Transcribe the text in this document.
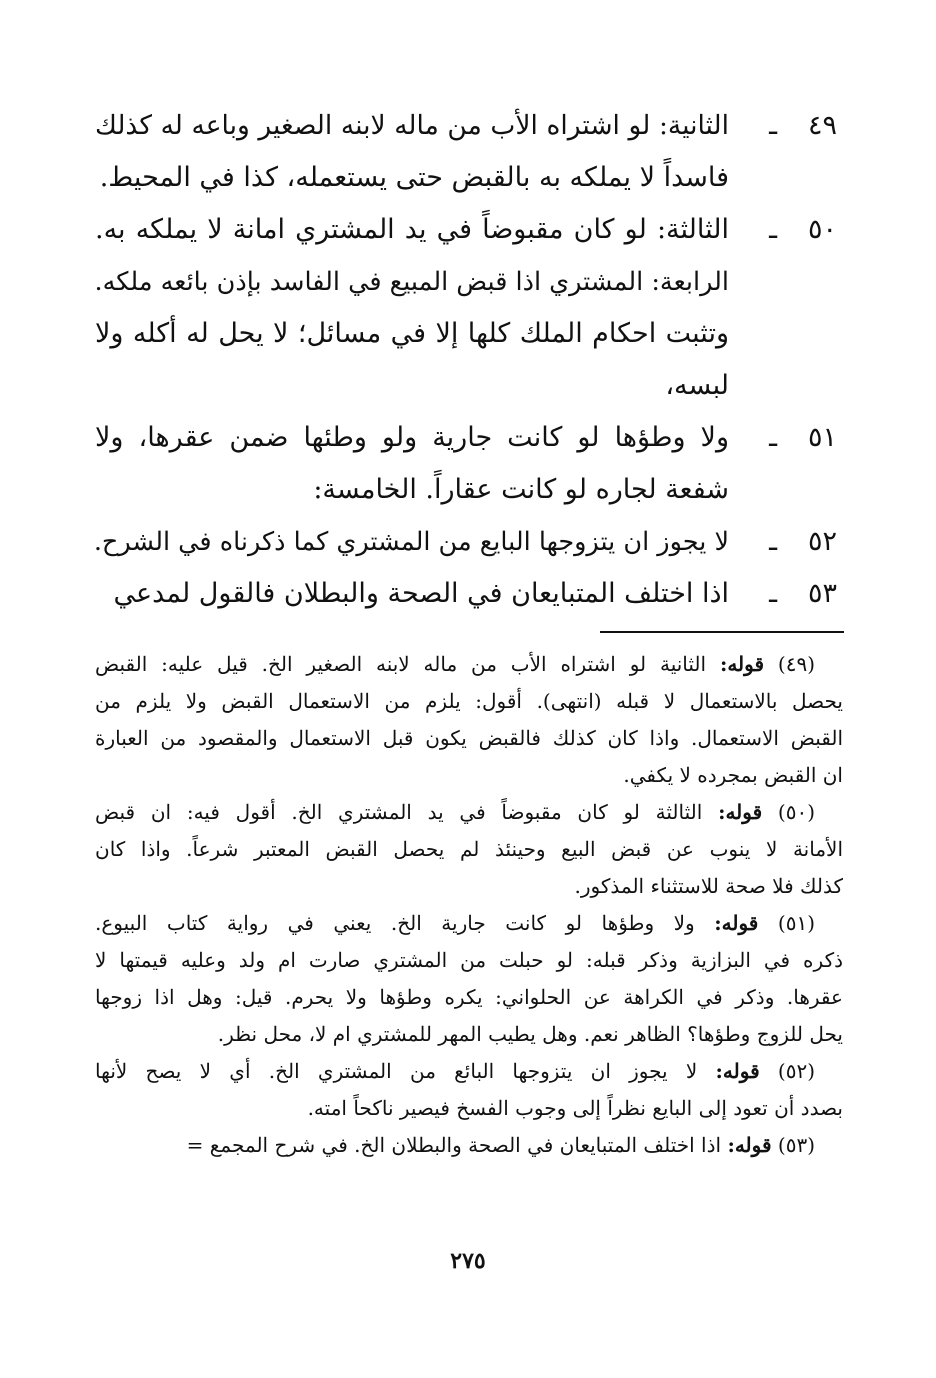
٤٩ـ
الثانية: لو اشتراه الأب من ماله لابنه الصغير وباعه له كذلك
فاسداً لا يملكه به بالقبض حتى يستعمله، كذا في المحيط.
٥٠ـ
الثالثة: لو كان مقبوضاً في يد المشتري امانة لا يملكه به.
الرابعة: المشتري اذا قبض المبيع في الفاسد بإذن بائعه ملكه.
وتثبت احكام الملك كلها إلا في مسائل؛ لا يحل له أكله ولا
لبسه،
٥١ـ
ولا وطؤها لو كانت جارية ولو وطئها ضمن عقرها، ولا
شفعة لجاره لو كانت عقاراً. الخامسة:
٥٢ـ
لا يجوز ان يتزوجها البايع من المشتري كما ذكرناه في الشرح.
٥٣ـ
اذا اختلف المتبايعان في الصحة والبطلان فالقول لمدعي
(٤٩) قوله: الثانية لو اشتراه الأب من ماله لابنه الصغير الخ. قيل عليه: القبض
يحصل بالاستعمال لا قبله (انتهى). أقول: يلزم من الاستعمال القبض ولا يلزم من
القبض الاستعمال. واذا كان كذلك فالقبض يكون قبل الاستعمال والمقصود من العبارة
ان القبض بمجرده لا يكفي.
(٥٠) قوله: الثالثة لو كان مقبوضاً في يد المشتري الخ. أقول فيه: ان قبض
الأمانة لا ينوب عن قبض البيع وحينئذ لم يحصل القبض المعتبر شرعاً. واذا كان
كذلك فلا صحة للاستثناء المذكور.
(٥١) قوله: ولا وطؤها لو كانت جارية الخ. يعني في رواية كتاب البيوع.
ذكره في البزازية وذكر قبله: لو حبلت من المشتري صارت ام ولد وعليه قيمتها لا
عقرها. وذكر في الكراهة عن الحلواني: يكره وطؤها ولا يحرم. قيل: وهل اذا زوجها
يحل للزوج وطؤها؟ الظاهر نعم. وهل يطيب المهر للمشتري ام لا، محل نظر.
(٥٢) قوله: لا يجوز ان يتزوجها البائع من المشتري الخ. أي لا يصح لأنها
بصدد أن تعود إلى البايع نظراً إلى وجوب الفسخ فيصير ناكحاً امته.
(٥٣) قوله: اذا اختلف المتبايعان في الصحة والبطلان الخ. في شرح المجمع =
٢٧٥
